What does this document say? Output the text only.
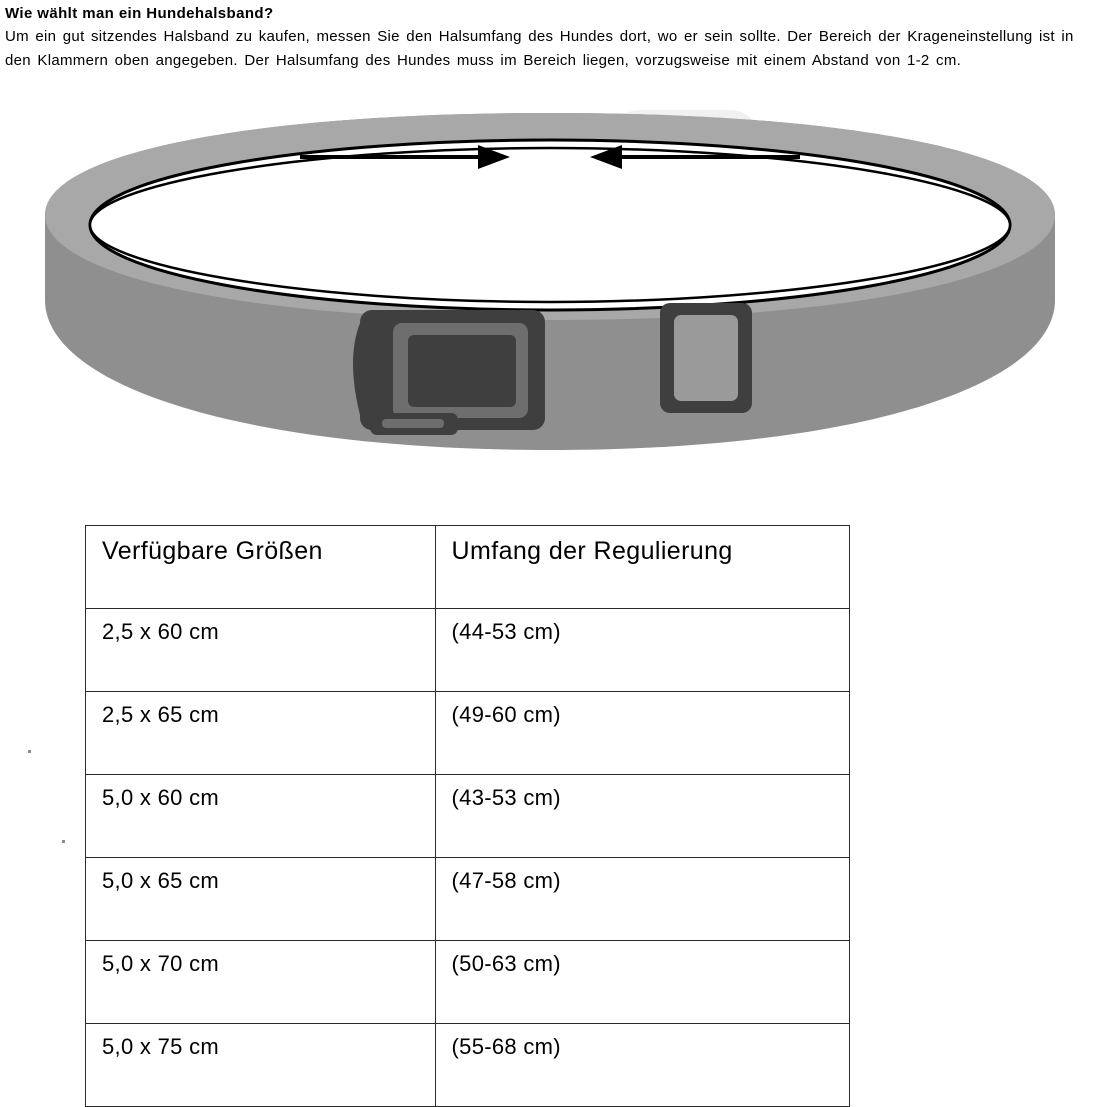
Wie wählt man ein Hundehalsband?
Um ein gut sitzendes Halsband zu kaufen, messen Sie den Halsumfang des Hundes dort, wo er sein sollte. Der Bereich der Krageneinstellung ist in den Klammern oben angegeben. Der Halsumfang des Hundes muss im Bereich liegen, vorzugsweise mit einem Abstand von 1-2 cm.
Verfügbare Größen	Umfang der Regulierung
2,5 x 60 cm	(44-53 cm)
2,5 x 65 cm	(49-60 cm)
5,0 x 60 cm	(43-53 cm)
5,0 x 65 cm	(47-58 cm)
5,0 x 70 cm	(50-63 cm)
5,0 x 75 cm	(55-68 cm)
